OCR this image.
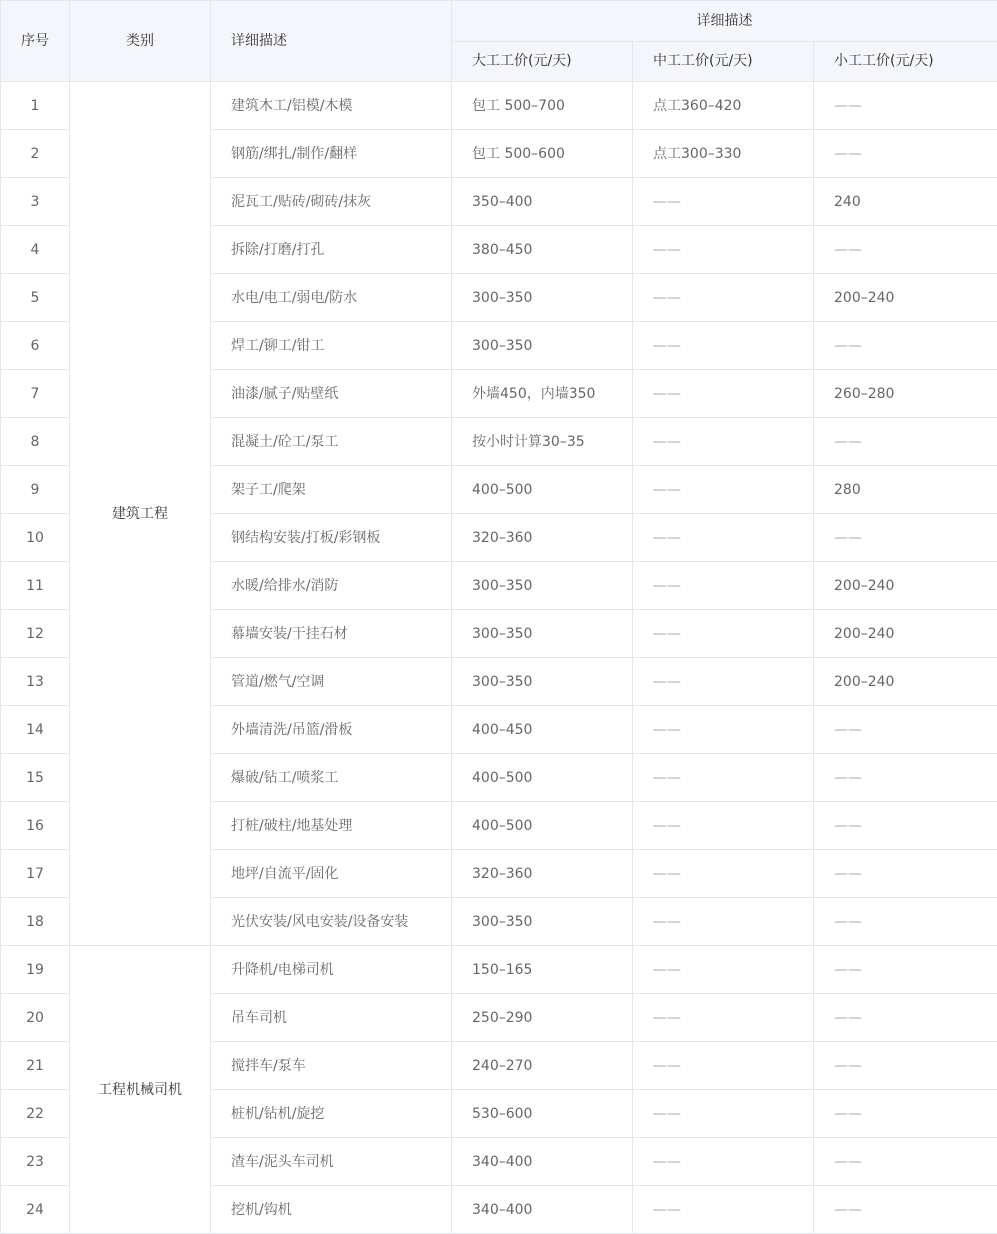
序号	类别	详细描述	详细描述		
			大工工价(元/天)	中工工价(元/天)	小工工价(元/天)
1	建筑工程	建筑木工/铝模/木模	包工 500–700	点工360–420	——
2		钢筋/绑扎/制作/翻样	包工 500–600	点工300–330	——
3		泥瓦工/贴砖/砌砖/抹灰	350–400	——	240
4		拆除/打磨/打孔	380–450	——	——
5		水电/电工/弱电/防水	300–350	——	200–240
6		焊工/铆工/钳工	300–350	——	——
7		油漆/腻子/贴壁纸	外墙450，内墙350	——	260–280
8		混凝土/砼工/泵工	按小时计算30–35	——	——
9		架子工/爬架	400–500	——	280
10		钢结构安装/打板/彩钢板	320–360	——	——
11		水暖/给排水/消防	300–350	——	200–240
12		幕墙安装/干挂石材	300–350	——	200–240
13		管道/燃气/空调	300–350	——	200–240
14		外墙清洗/吊篮/滑板	400–450	——	——
15		爆破/钻工/喷浆工	400–500	——	——
16		打桩/破柱/地基处理	400–500	——	——
17		地坪/自流平/固化	320–360	——	——
18		光伏安装/风电安装/设备安装	300–350	——	——
19	工程机械司机	升降机/电梯司机	150–165	——	——
20		吊车司机	250–290	——	——
21		搅拌车/泵车	240–270	——	——
22		桩机/钻机/旋挖	530–600	——	——
23		渣车/泥头车司机	340–400	——	——
24		挖机/钩机	340–400	——	——
